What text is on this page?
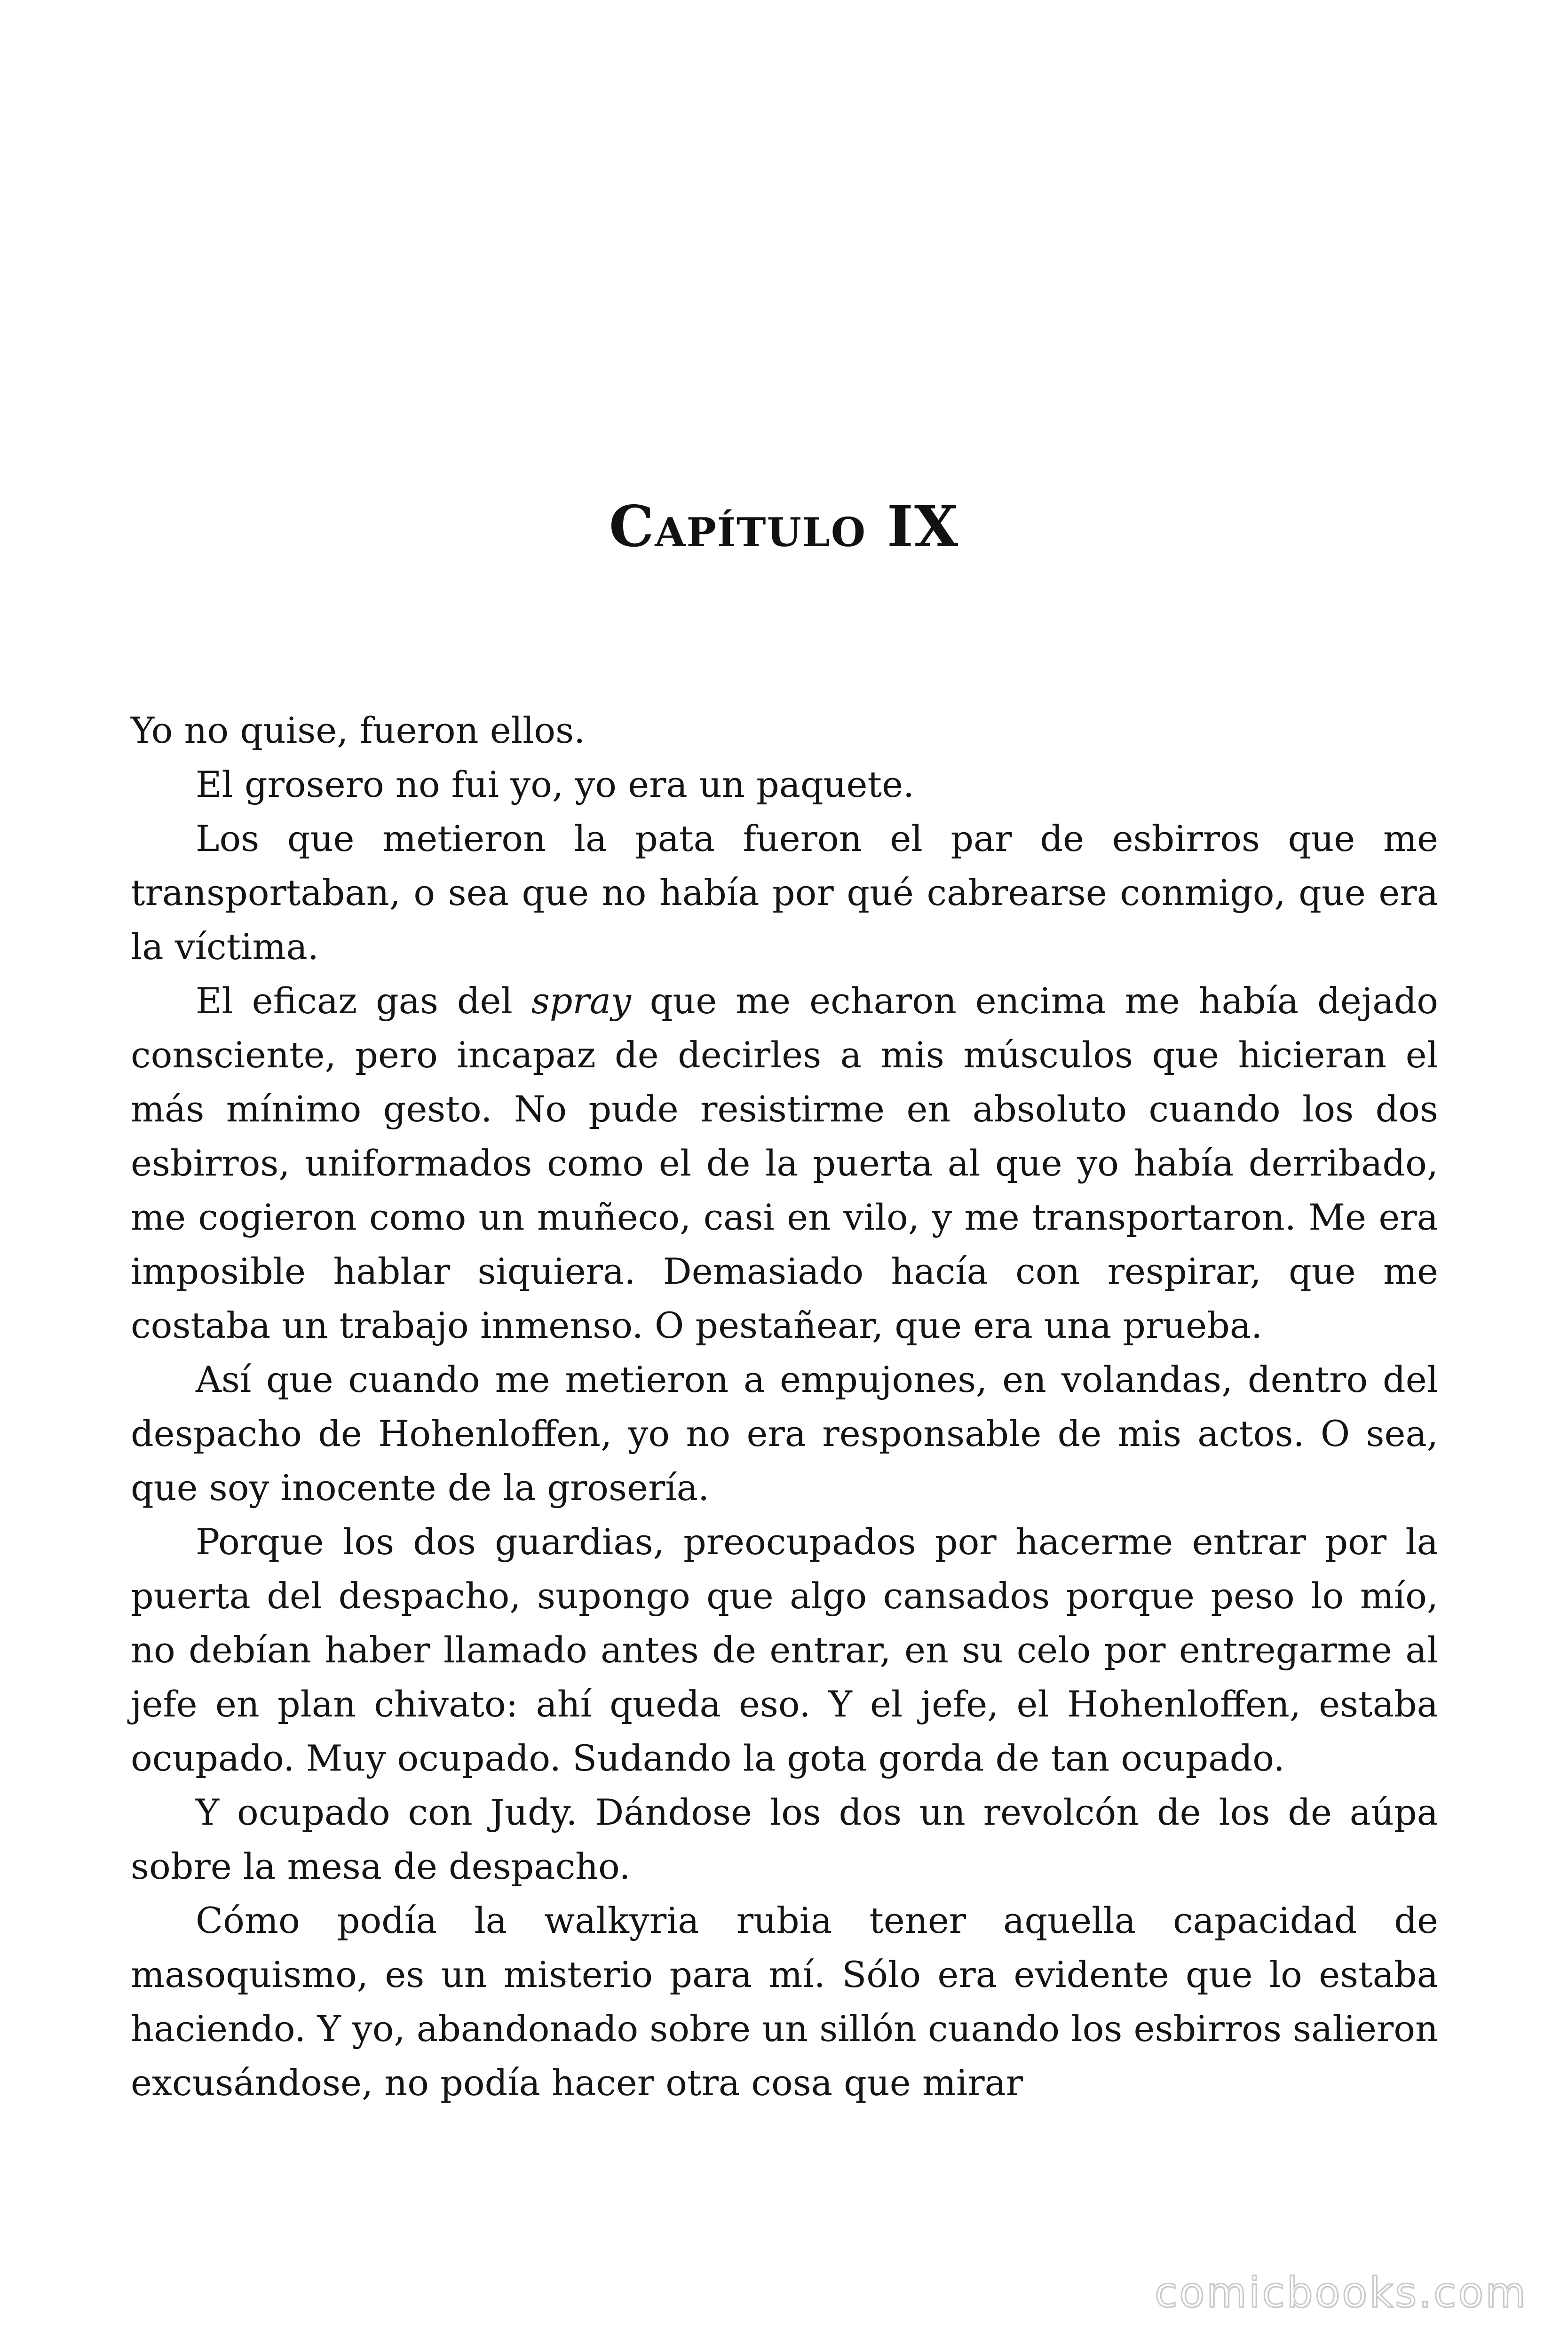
Capítulo IX

Yo no quise, fueron ellos.

El grosero no fui yo, yo era un paquete.

Los que metieron la pata fueron el par de esbirros que me transportaban, o sea que no había por qué cabrearse conmigo, que era la víctima.

El eficaz gas del spray que me echaron encima me había dejado consciente, pero incapaz de decirles a mis músculos que hicieran el más mínimo gesto. No pude resistirme en absoluto cuando los dos esbirros, uniformados como el de la puerta al que yo había derribado, me cogieron como un muñeco, casi en vilo, y me transportaron. Me era imposible hablar siquiera. Demasiado hacía con respirar, que me costaba un trabajo inmenso. O pestañear, que era una prueba.

Así que cuando me metieron a empujones, en volandas, dentro del despacho de Hohenloffen, yo no era responsable de mis actos. O sea, que soy inocente de la grosería.

Porque los dos guardias, preocupados por hacerme entrar por la puerta del despacho, supongo que algo cansados porque peso lo mío, no debían haber llamado antes de entrar, en su celo por entregarme al jefe en plan chivato: ahí queda eso. Y el jefe, el Hohenloffen, estaba ocupado. Muy ocupado. Sudando la gota gorda de tan ocupado.

Y ocupado con Judy. Dándose los dos un revolcón de los de aúpa sobre la mesa de despacho.

Cómo podía la walkyria rubia tener aquella capacidad de masoquismo, es un misterio para mí. Sólo era evidente que lo estaba haciendo. Y yo, abandonado sobre un sillón cuando los esbirros salieron excusándose, no podía hacer otra cosa que mirar

comicbooks.com
